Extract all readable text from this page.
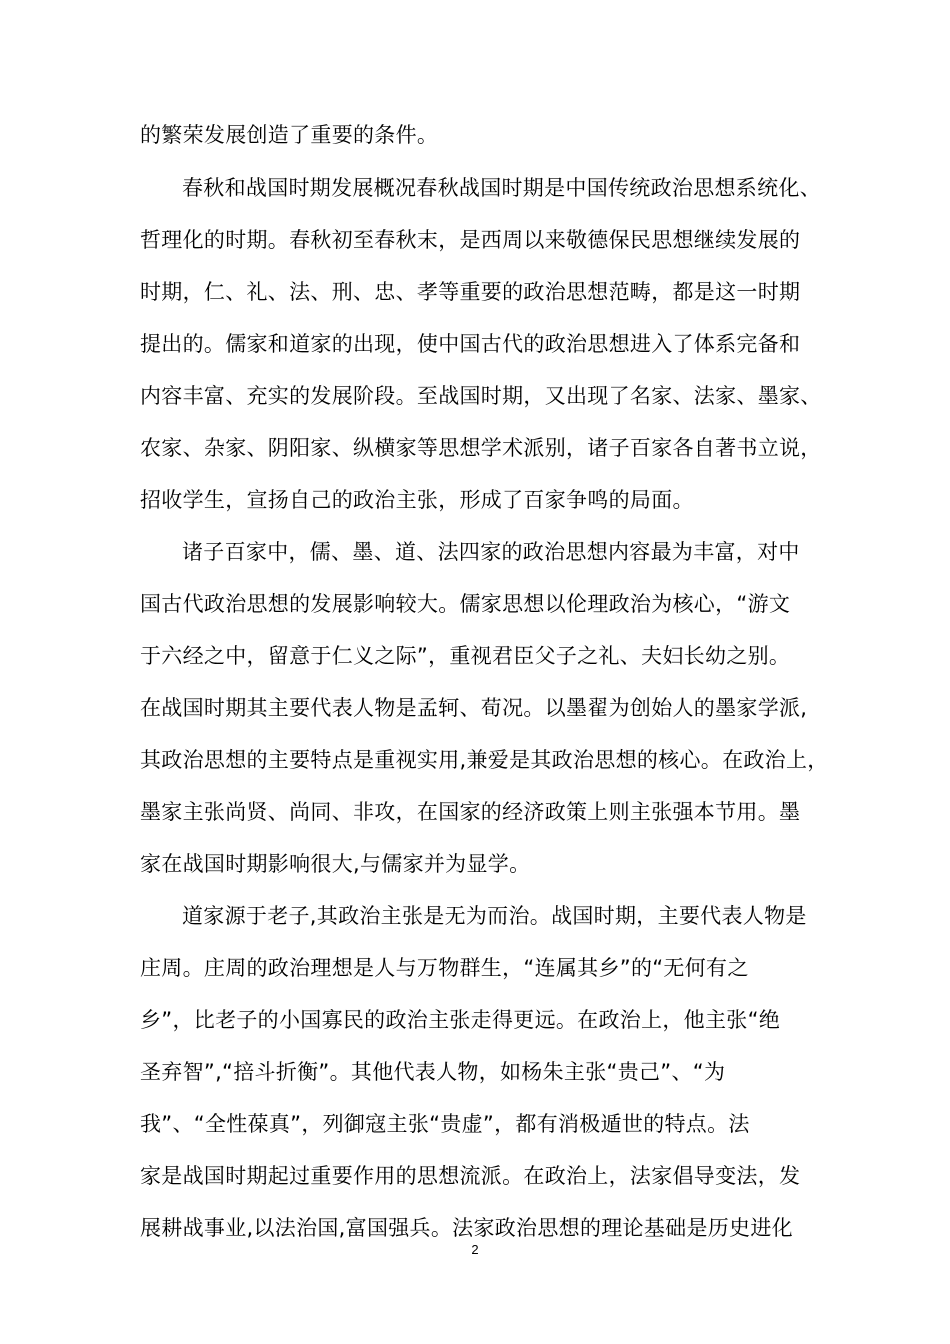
的繁荣发展创造了重要的条件。
春秋和战国时期发展概况春秋战国时期是中国传统政治思想系统化、
哲理化的时期。春秋初至春秋末，是西周以来敬德保民思想继续发展的
时期，仁、礼、法、刑、忠、孝等重要的政治思想范畴，都是这一时期
提出的。儒家和道家的出现，使中国古代的政治思想进入了体系完备和
内容丰富、充实的发展阶段。至战国时期，又出现了名家、法家、墨家、
农家、杂家、阴阳家、纵横家等思想学术派别，诸子百家各自著书立说，
招收学生，宣扬自己的政治主张，形成了百家争鸣的局面。
诸子百家中，儒、墨、道、法四家的政治思想内容最为丰富，对中
国古代政治思想的发展影响较大。儒家思想以伦理政治为核心，“游文
于六经之中，留意于仁义之际”，重视君臣父子之礼、夫妇长幼之别。
在战国时期其主要代表人物是孟轲、荀况。以墨翟为创始人的墨家学派,
其政治思想的主要特点是重视实用,兼爱是其政治思想的核心。在政治上，
墨家主张尚贤、尚同、非攻，在国家的经济政策上则主张强本节用。墨
家在战国时期影响很大,与儒家并为显学。
道家源于老子,其政治主张是无为而治。战国时期，主要代表人物是
庄周。庄周的政治理想是人与万物群生，“连属其乡”的“无何有之
乡”，比老子的小国寡民的政治主张走得更远。在政治上，他主张“绝
圣弃智”,“掊斗折衡”。其他代表人物，如杨朱主张“贵己”、“为
我”、“全性葆真”，列御寇主张“贵虚”，都有消极遁世的特点。法
家是战国时期起过重要作用的思想流派。在政治上，法家倡导变法，发
展耕战事业,以法治国,富国强兵。法家政治思想的理论基础是历史进化
2
